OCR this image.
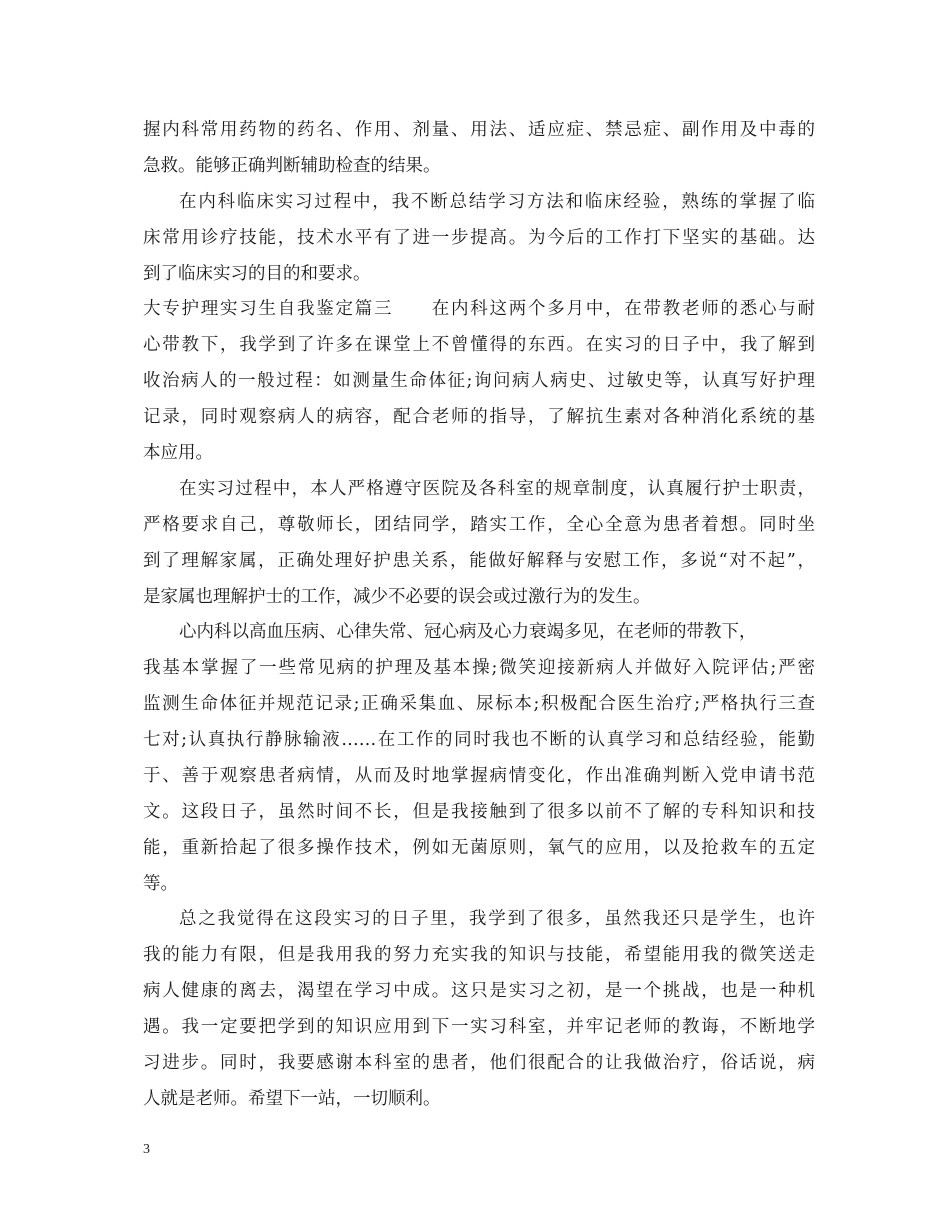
握内科常用药物的药名、作用、剂量、用法、适应症、禁忌症、副作用及中毒的
急救。能够正确判断辅助检查的结果。
在内科临床实习过程中，我不断总结学习方法和临床经验，熟练的掌握了临
床常用诊疗技能，技术水平有了进一步提高。为今后的工作打下坚实的基础。达
到了临床实习的目的和要求。
大专护理实习生自我鉴定篇三　　在内科这两个多月中，在带教老师的悉心与耐
心带教下，我学到了许多在课堂上不曾懂得的东西。在实习的日子中，我了解到
收治病人的一般过程：如测量生命体征;询问病人病史、过敏史等，认真写好护理
记录，同时观察病人的病容，配合老师的指导，了解抗生素对各种消化系统的基
本应用。
在实习过程中，本人严格遵守医院及各科室的规章制度，认真履行护士职责，
严格要求自己，尊敬师长，团结同学，踏实工作，全心全意为患者着想。同时坐
到了理解家属，正确处理好护患关系，能做好解释与安慰工作，多说“对不起”，
是家属也理解护士的工作，减少不必要的误会或过激行为的发生。
心内科以高血压病、心律失常、冠心病及心力衰竭多见，在老师的带教下，
我基本掌握了一些常见病的护理及基本操;微笑迎接新病人并做好入院评估;严密
监测生命体征并规范记录;正确采集血、尿标本;积极配合医生治疗;严格执行三查
七对;认真执行静脉输液……在工作的同时我也不断的认真学习和总结经验，能勤
于、善于观察患者病情，从而及时地掌握病情变化，作出准确判断入党申请书范
文。这段日子，虽然时间不长，但是我接触到了很多以前不了解的专科知识和技
能，重新拾起了很多操作技术，例如无菌原则，氧气的应用，以及抢救车的五定
等。
总之我觉得在这段实习的日子里，我学到了很多，虽然我还只是学生，也许
我的能力有限，但是我用我的努力充实我的知识与技能，希望能用我的微笑送走
病人健康的离去，渴望在学习中成。这只是实习之初，是一个挑战，也是一种机
遇。我一定要把学到的知识应用到下一实习科室，并牢记老师的教诲，不断地学
习进步。同时，我要感谢本科室的患者，他们很配合的让我做治疗，俗话说，病
人就是老师。希望下一站，一切顺利。
3
